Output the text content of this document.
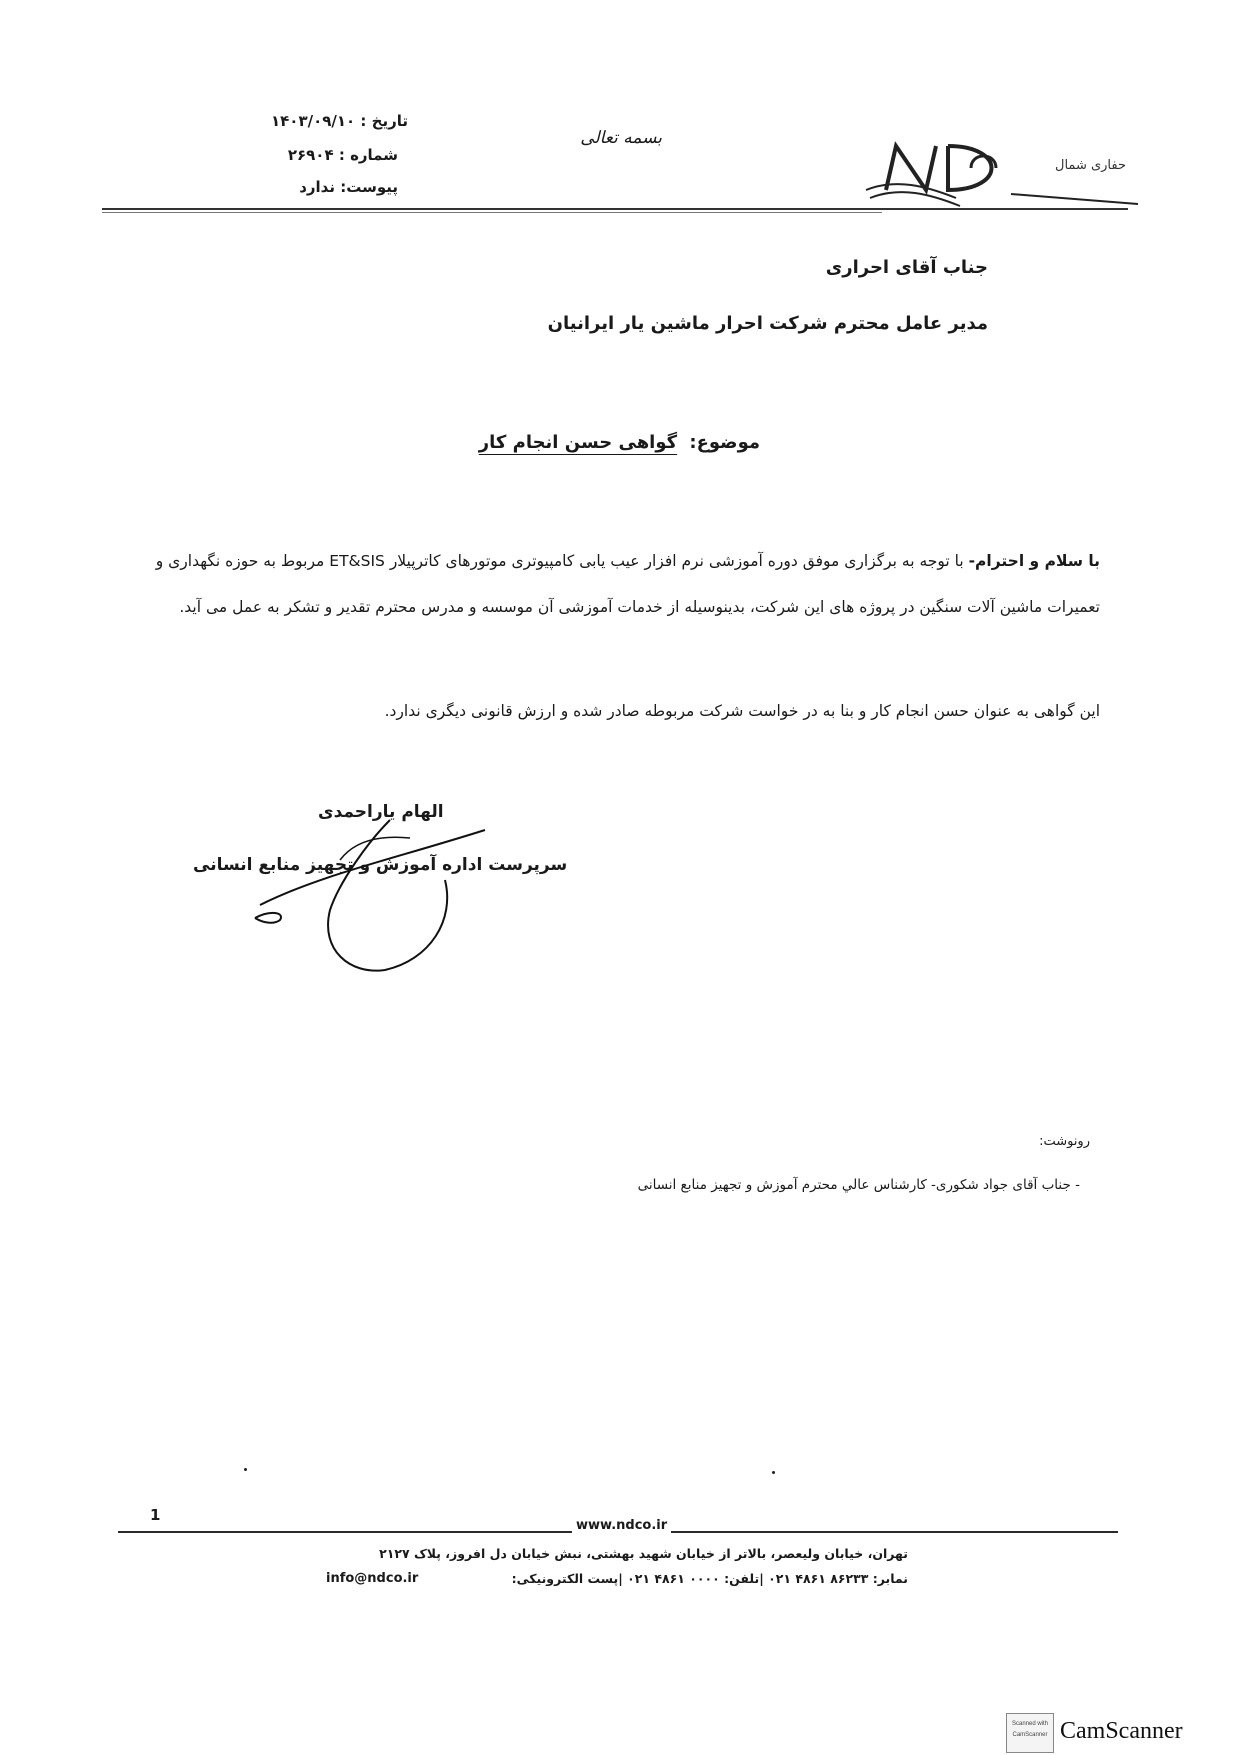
تاریخ : ۱۴۰۳/۰۹/۱۰
شماره : ۲۶۹۰۴
پیوست: ندارد
بسمه تعالی
حفاری شمال
جناب آقای احراری
مدیر عامل محترم شرکت احرار ماشین یار ایرانیان
موضوع: گواهی حسن انجام کار
با سلام و احترام- با توجه به برگزاری موفق دوره آموزشی نرم افزار عیب یابی کامپیوتری موتورهای کاترپیلار ET&SIS مربوط به حوزه نگهداری و تعمیرات ماشین آلات سنگین در پروژه های این شرکت، بدینوسیله از خدمات آموزشی آن موسسه و مدرس محترم تقدیر و تشکر به عمل می آید.
این گواهی به عنوان حسن انجام کار و بنا به در خواست شرکت مربوطه صادر شده و ارزش قانونی دیگری ندارد.
الهام یاراحمدی
سرپرست اداره آموزش و تجهیز منابع انسانی
رونوشت:
- جناب آقای جواد شکوری- کارشناس عالي محترم آموزش و تجهیز منابع انسانی
1
www.ndco.ir
تهران، خیابان ولیعصر، بالاتر از خیابان شهید بهشتی، نبش خیابان دل افروز، پلاک ۲۱۲۷
نمابر: ۸۶۲۳۳ ۴۸۶۱ ۰۲۱ |تلفن: ۰۰۰۰ ۴۸۶۱ ۰۲۱ |پست الکترونیکی:
info@ndco.ir
Scanned with
CamScanner CamScanner
